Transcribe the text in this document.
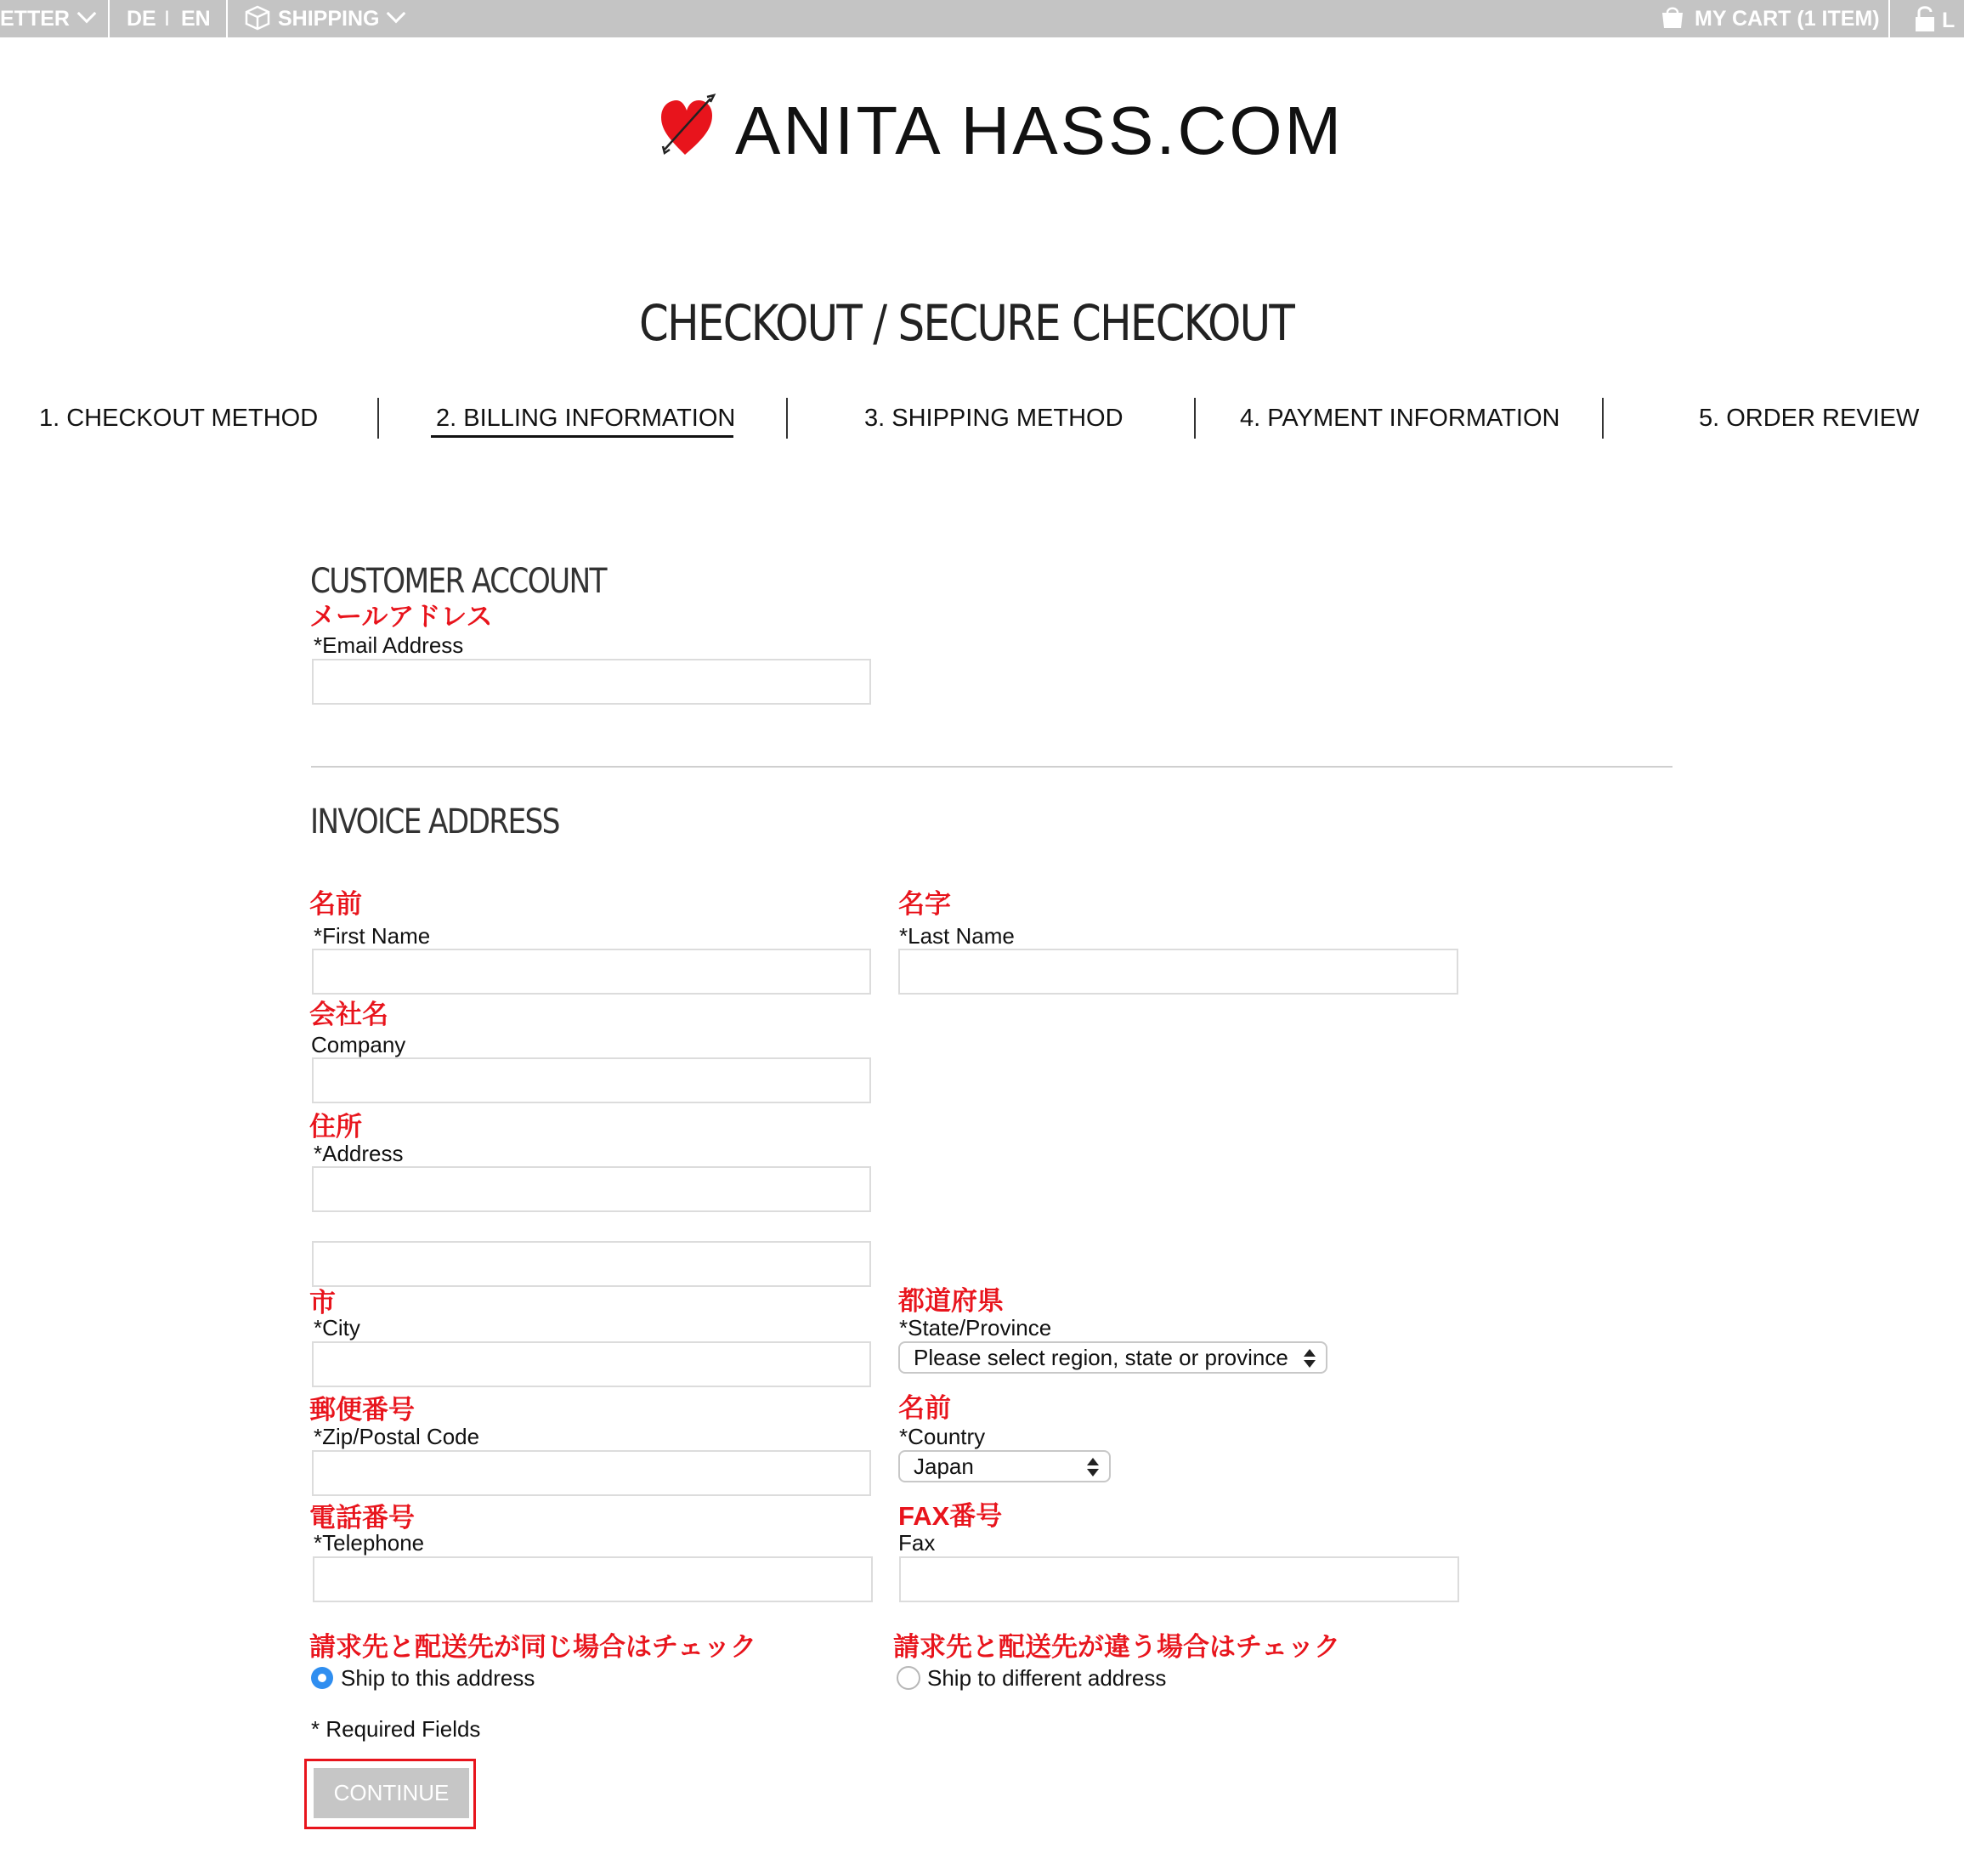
ETTER	DE I EN	SHIPPING	MY CART (1 ITEM)	L
ANITA HASS.COM
CHECKOUT / SECURE CHECKOUT
1. CHECKOUT METHOD	2. BILLING INFORMATION	3. SHIPPING METHOD	4. PAYMENT INFORMATION	5. ORDER REVIEW
CUSTOMER ACCOUNT
メールアドレス
*Email Address
INVOICE ADDRESS
名前
*First Name
名字
*Last Name
会社名
Company
住所
*Address
市
*City
都道府県
*State/Province
Please select region, state or province
郵便番号
*Zip/Postal Code
名前
*Country
Japan
電話番号
*Telephone
FAX番号
Fax
請求先と配送先が同じ場合はチェック
Ship to this address
請求先と配送先が違う場合はチェック
Ship to different address
* Required Fields
CONTINUE
